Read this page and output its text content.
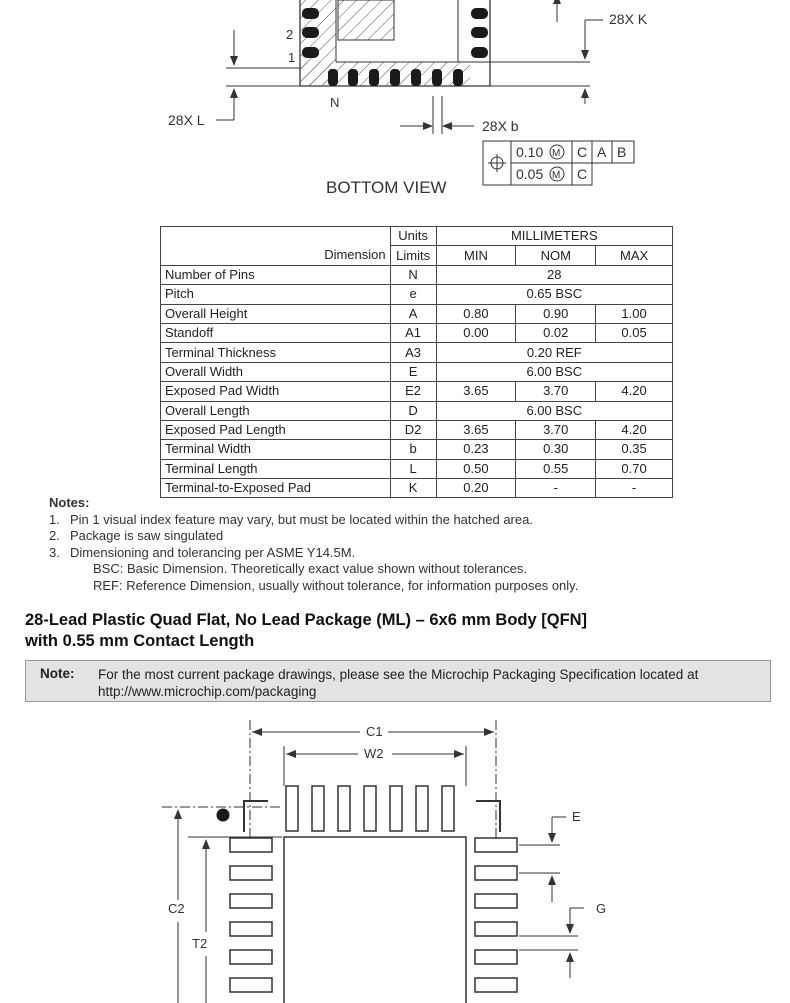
2
1
N
28X L
28X K
28X b
0.10 M C A B
0.05 M C
BOTTOM VIEW
	Units	MILLIMETERS		
Dimension	Limits	MIN	NOM	MAX
Number of Pins	N	28		
Pitch	e	0.65 BSC		
Overall Height	A	0.80	0.90	1.00
Standoff	A1	0.00	0.02	0.05
Terminal Thickness	A3	0.20 REF		
Overall Width	E	6.00 BSC		
Exposed Pad Width	E2	3.65	3.70	4.20
Overall Length	D	6.00 BSC		
Exposed Pad Length	D2	3.65	3.70	4.20
Terminal Width	b	0.23	0.30	0.35
Terminal Length	L	0.50	0.55	0.70
Terminal-to-Exposed Pad	K	0.20	-	-
Notes:
1. Pin 1 visual index feature may vary, but must be located within the hatched area.
2. Package is saw singulated
3. Dimensioning and tolerancing per ASME Y14.5M.
BSC: Basic Dimension. Theoretically exact value shown without tolerances.
REF: Reference Dimension, usually without tolerance, for information purposes only.
28-Lead Plastic Quad Flat, No Lead Package (ML) – 6x6 mm Body [QFN]
with 0.55 mm Contact Length
Note: For the most current package drawings, please see the Microchip Packaging Specification located at
http://www.microchip.com/packaging
C1
W2
C2
T2
E
G
